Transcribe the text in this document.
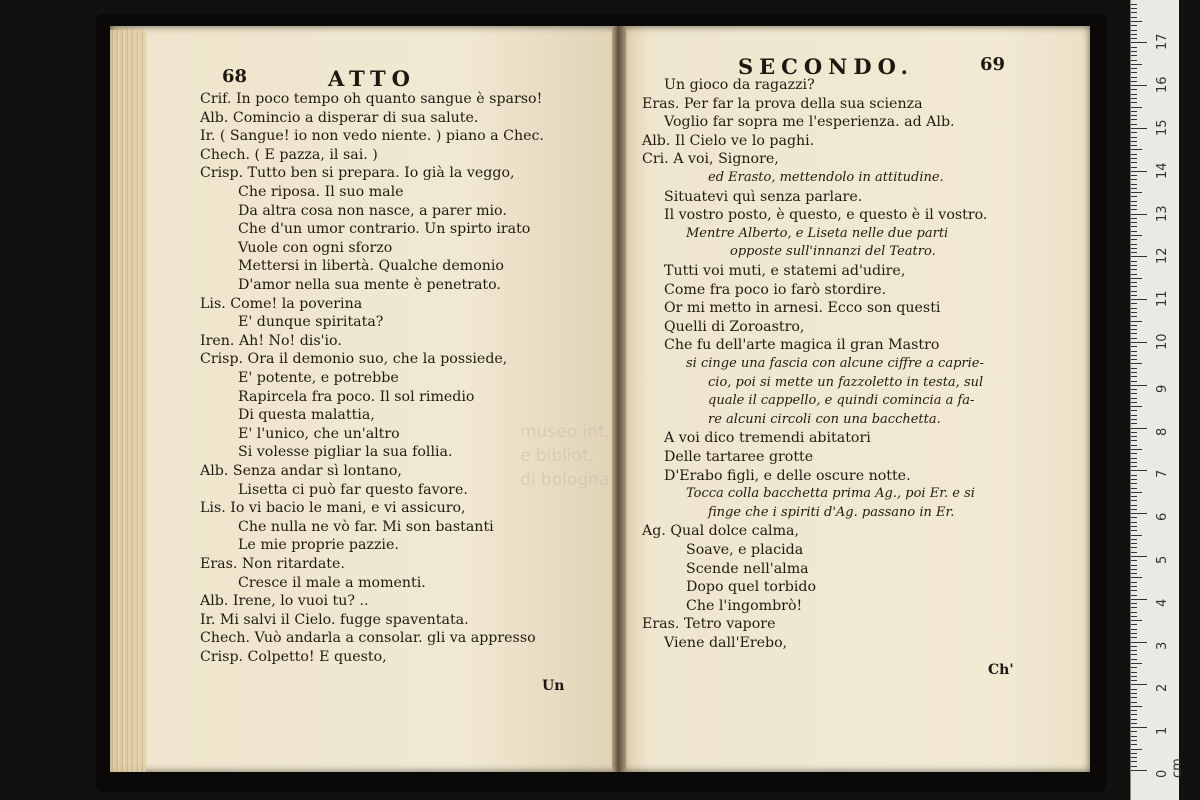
68	ATTO
Crif. In poco tempo oh quanto sangue è sparso!
Alb. Comincio a disperar di sua salute.
Ir. ( Sangue! io non vedo niente. ) piano a Chec.
Chech. ( E pazza, il sai. )
Crisp. Tutto ben si prepara. Io già la veggo,
Che riposa. Il suo male
Da altra cosa non nasce, a parer mio.
Che d'un umor contrario. Un spirto irato
Vuole con ogni sforzo
Mettersi in libertà. Qualche demonio
D'amor nella sua mente è penetrato.
Lis. Come! la poverina
E' dunque spiritata?
Iren. Ah! No! dis'io.
Crisp. Ora il demonio suo, che la possiede,
E' potente, e potrebbe
Rapircela fra poco. Il sol rimedio
Di questa malattia,
E' l'unico, che un'altro
Si volesse pigliar la sua follia.
Alb. Senza andar sì lontano,
Lisetta ci può far questo favore.
Lis. Io vi bacio le mani, e vi assicuro,
Che nulla ne vò far. Mi son bastanti
Le mie proprie pazzie.
Eras. Non ritardate.
Cresce il male a momenti.
Alb. Irene, lo vuoi tu? ..
Ir. Mi salvi il Cielo. fugge spaventata.
Chech. Vuò andarla a consolar. gli va appresso
Crisp. Colpetto! E questo,
Un
SECONDO.	69
Un gioco da ragazzi?
Eras. Per far la prova della sua scienza
Voglio far sopra me l'esperienza. ad Alb.
Alb. Il Cielo ve lo paghi.
Cri. A voi, Signore,
ed Erasto, mettendolo in attitudine.
Situatevi quì senza parlare.
Il vostro posto, è questo, e questo è il vostro.
Mentre Alberto, e Liseta nelle due parti
opposte sull'innanzi del Teatro.
Tutti voi muti, e statemi ad'udire,
Come fra poco io farò stordire.
Or mi metto in arnesi. Ecco son questi
Quelli di Zoroastro,
Che fu dell'arte magica il gran Mastro
si cinge una fascia con alcune ciffre a caprie-
cio, poi si mette un fazzoletto in testa, sul
quale il cappello, e quindi comincia a fa-
re alcuni circoli con una bacchetta.
A voi dico tremendi abitatori
Delle tartaree grotte
D'Erabo figli, e delle oscure notte.
Tocca colla bacchetta prima Ag., poi Er. e si
finge che i spiriti d'Ag. passano in Er.
Ag. Qual dolce calma,
Soave, e placida
Scende nell'alma
Dopo quel torbido
Che l'ingombrò!
Eras. Tetro vapore
Viene dall'Erebo,
Ch'
museo int.
e bibliot.
di bologna
0 cm
1
2
3
4
5
6
7
8
9
10
11
12
13
14
15
16
17
